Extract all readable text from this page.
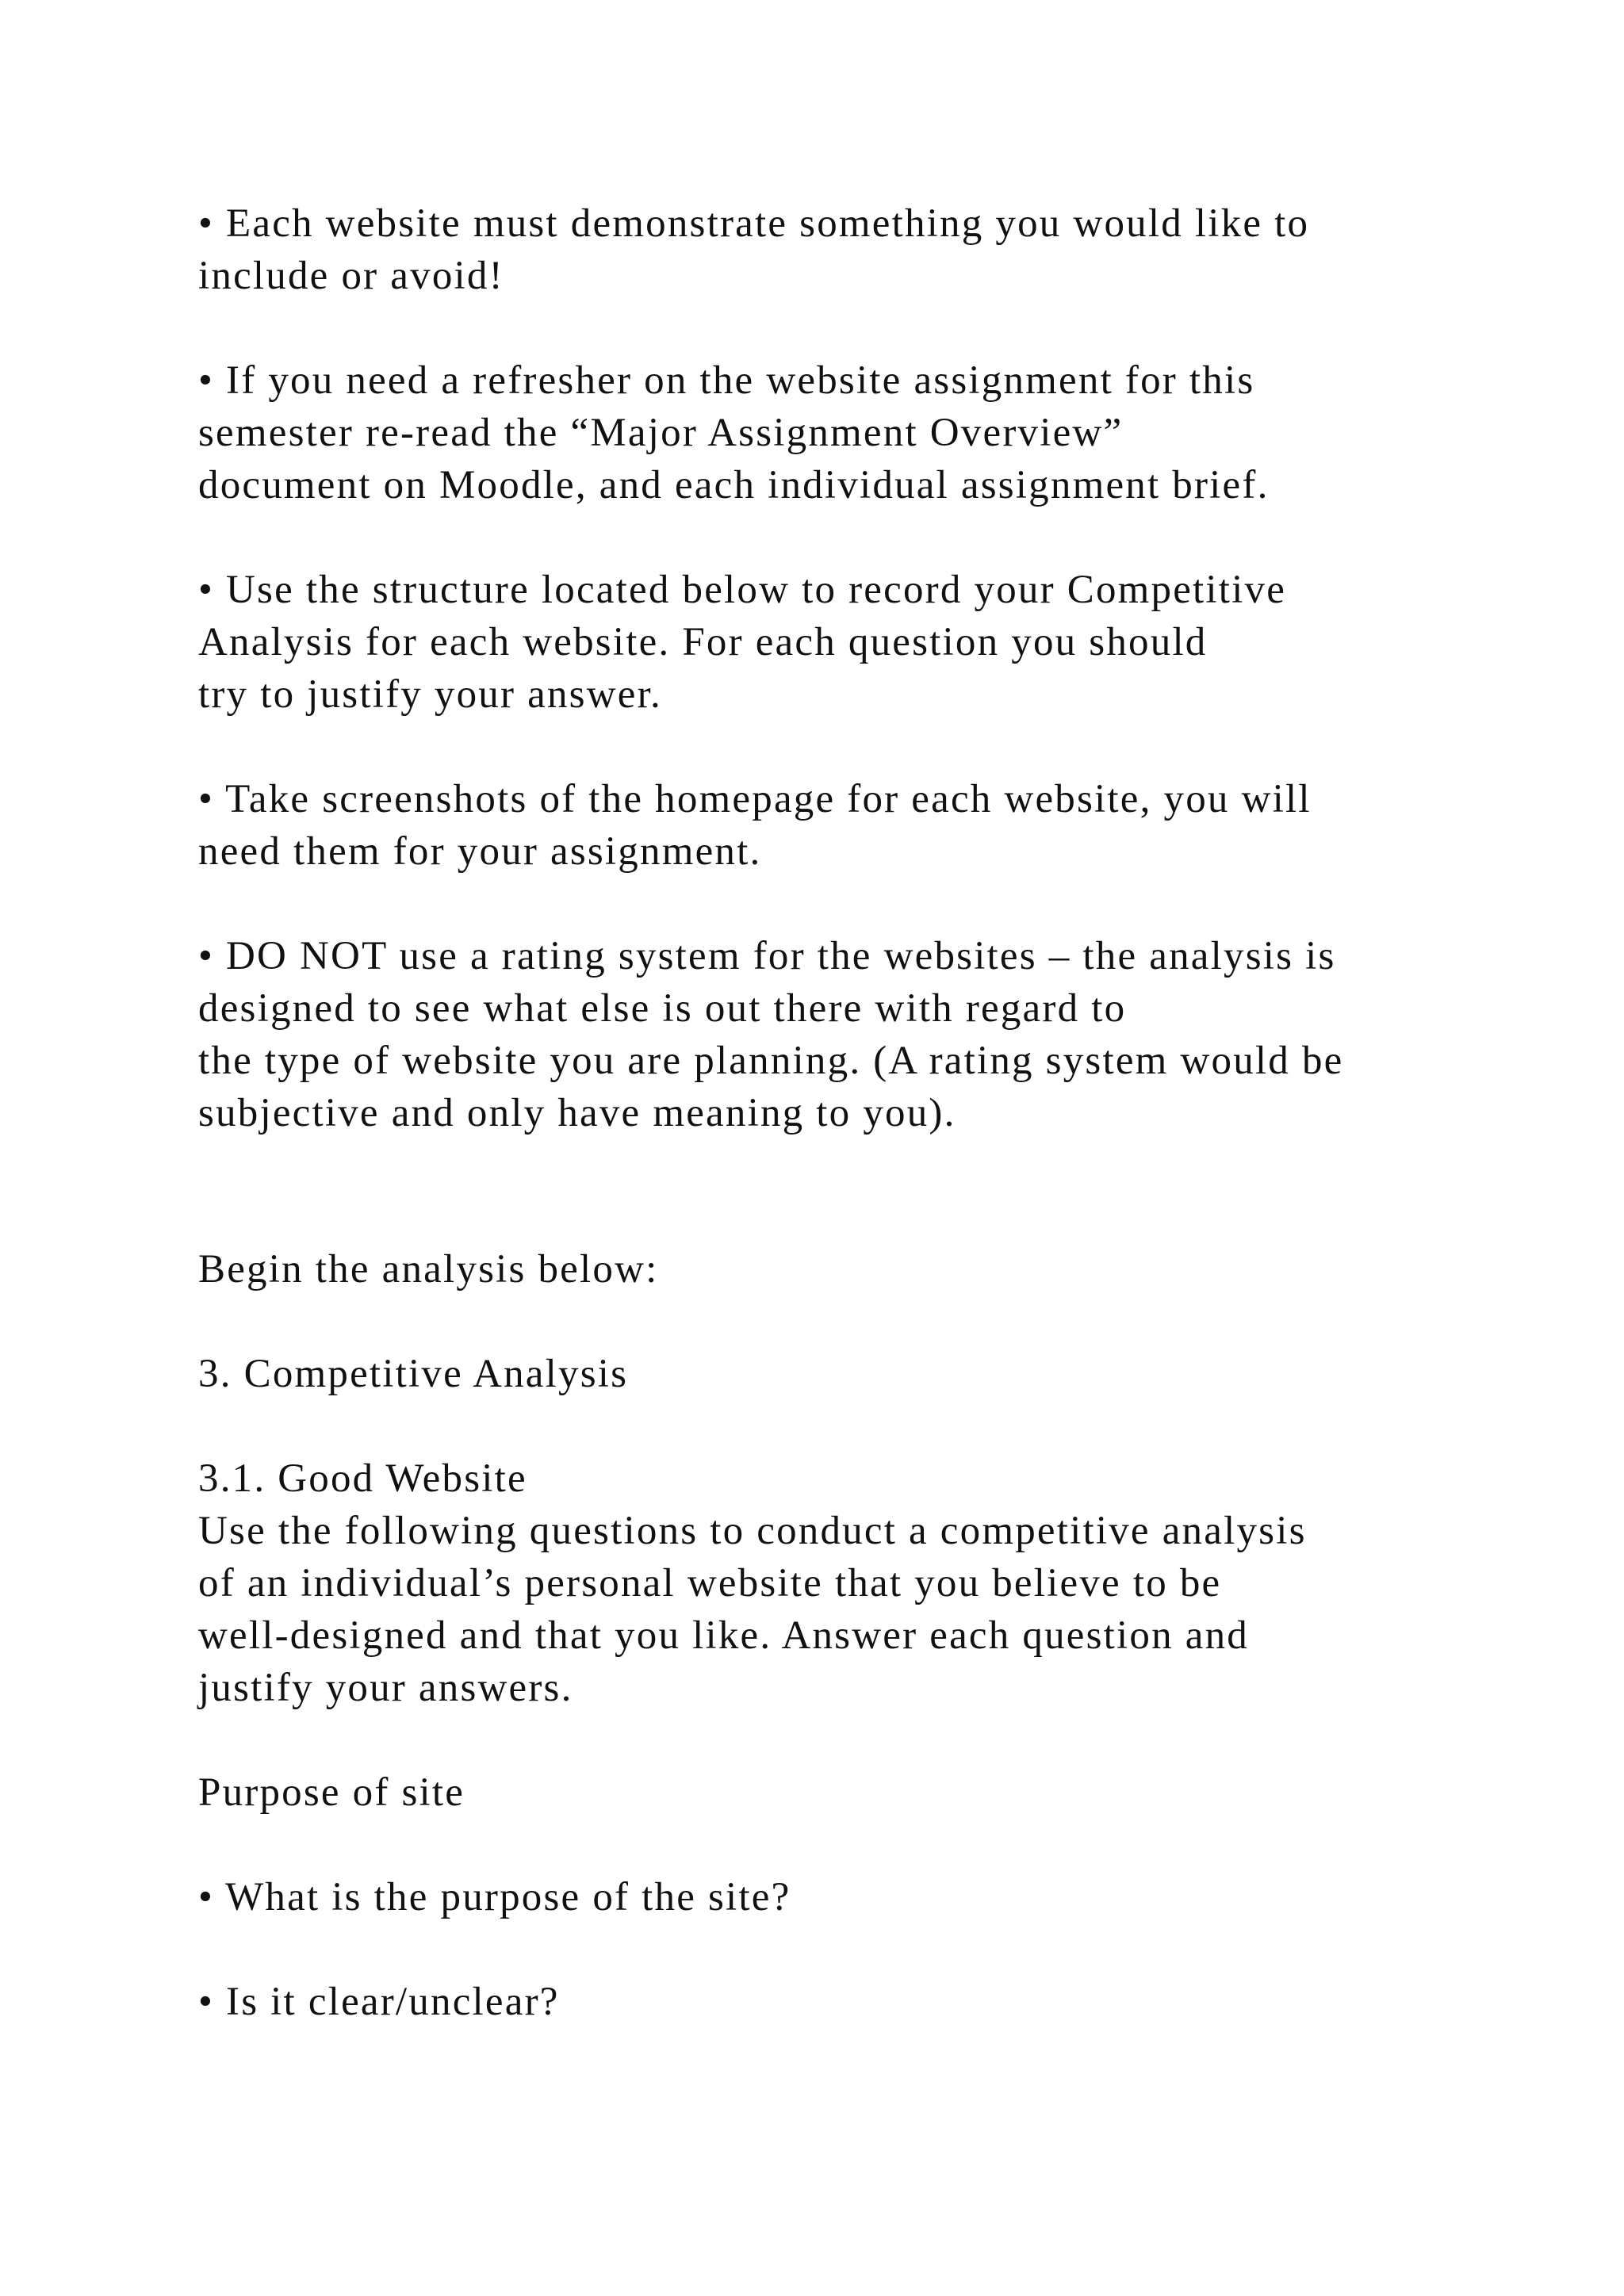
• Each website must demonstrate something you would like to
include or avoid!
• If you need a refresher on the website assignment for this
semester re-read the “Major Assignment Overview”
document on Moodle, and each individual assignment brief.
• Use the structure located below to record your Competitive
Analysis for each website. For each question you should
try to justify your answer.
• Take screenshots of the homepage for each website, you will
need them for your assignment.
• DO NOT use a rating system for the websites – the analysis is
designed to see what else is out there with regard to
the type of website you are planning. (A rating system would be
subjective and only have meaning to you).
Begin the analysis below:
3. Competitive Analysis
3.1. Good Website
Use the following questions to conduct a competitive analysis
of an individual’s personal website that you believe to be
well-designed and that you like. Answer each question and
justify your answers.
Purpose of site
• What is the purpose of the site?
• Is it clear/unclear?
